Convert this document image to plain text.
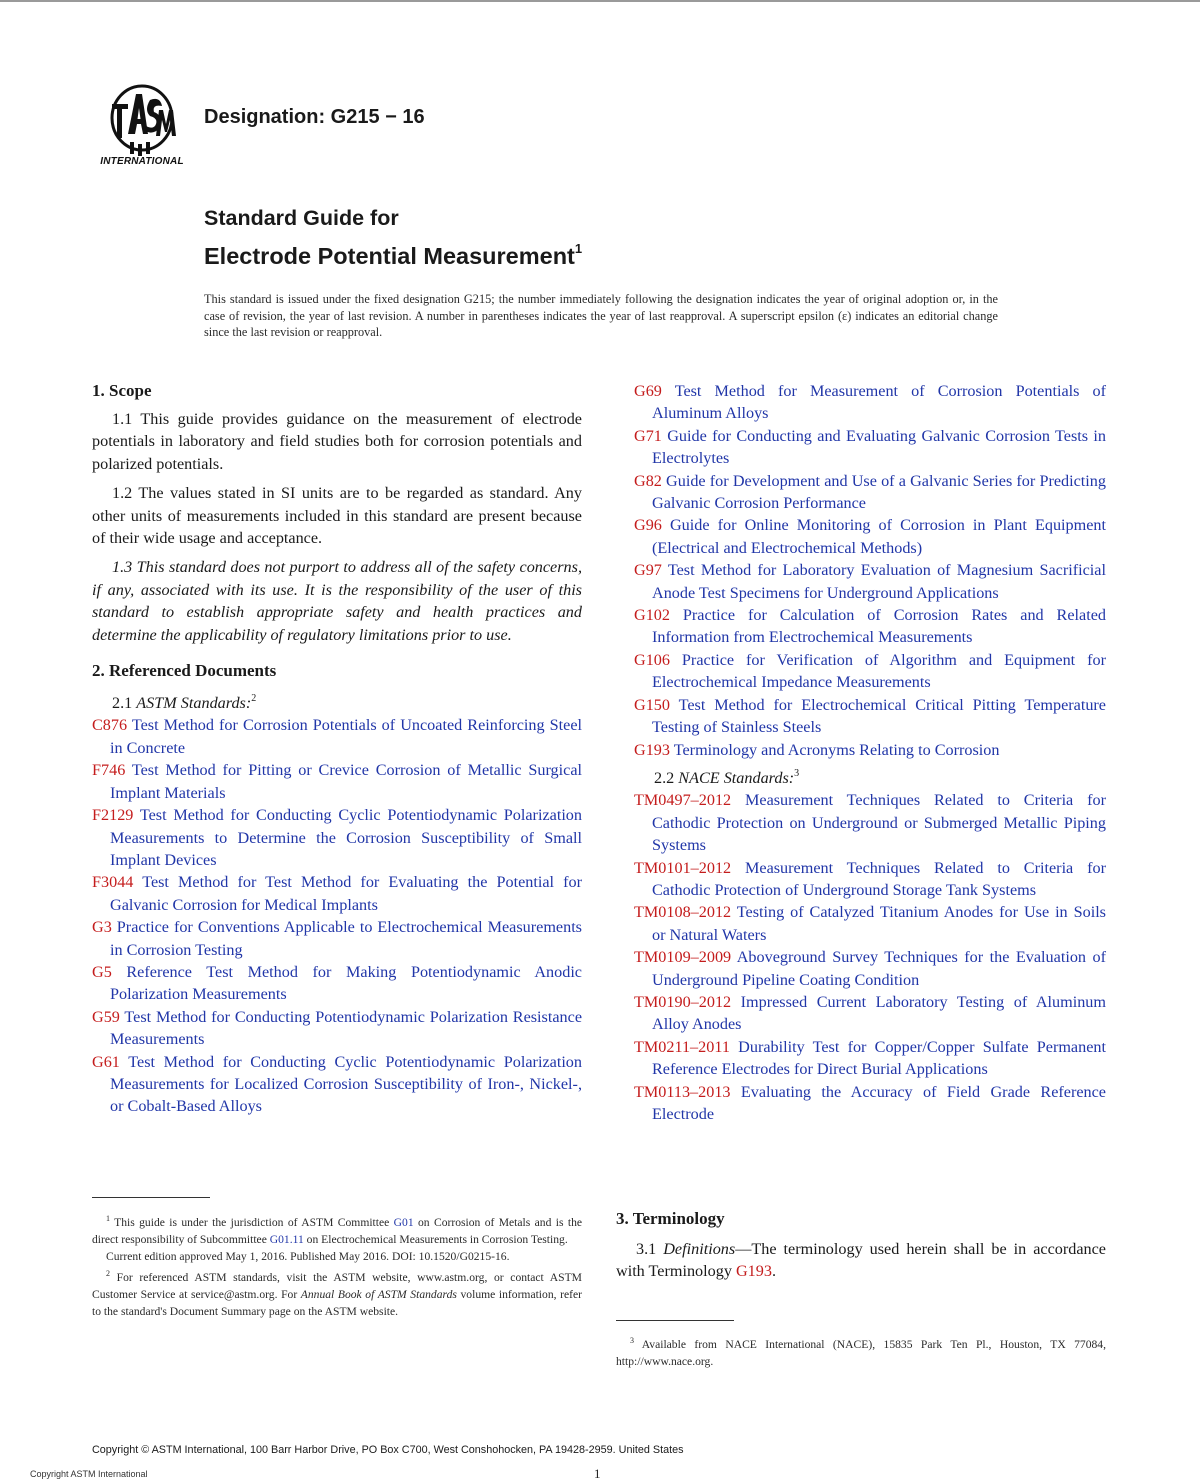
INTERNATIONAL
Designation: G215 − 16
Standard Guide for
Electrode Potential Measurement$^1$
This standard is issued under the fixed designation G215; the number immediately following the designation indicates the year of original adoption or, in the case of revision, the year of last revision. A number in parentheses indicates the year of last reapproval. A superscript epsilon (ε) indicates an editorial change since the last revision or reapproval.
1. Scope

1.1 This guide provides guidance on the measurement of electrode potentials in laboratory and field studies both for corrosion potentials and polarized potentials.

1.2 The values stated in SI units are to be regarded as standard. Any other units of measurements included in this standard are present because of their wide usage and acceptance.

1.3 This standard does not purport to address all of the safety concerns, if any, associated with its use. It is the responsibility of the user of this standard to establish appropriate safety and health practices and determine the applicability of regulatory limitations prior to use.

2. Referenced Documents
2.1 ASTM Standards:$^2$
C876 Test Method for Corrosion Potentials of Uncoated Reinforcing Steel in Concrete
F746 Test Method for Pitting or Crevice Corrosion of Metallic Surgical Implant Materials
F2129 Test Method for Conducting Cyclic Potentiodynamic Polarization Measurements to Determine the Corrosion Susceptibility of Small Implant Devices
F3044 Test Method for Test Method for Evaluating the Potential for Galvanic Corrosion for Medical Implants
G3 Practice for Conventions Applicable to Electrochemical Measurements in Corrosion Testing
G5 Reference Test Method for Making Potentiodynamic Anodic Polarization Measurements
G59 Test Method for Conducting Potentiodynamic Polarization Resistance Measurements
G61 Test Method for Conducting Cyclic Potentiodynamic Polarization Measurements for Localized Corrosion Susceptibility of Iron-, Nickel-, or Cobalt-Based Alloys
G69 Test Method for Measurement of Corrosion Potentials of Aluminum Alloys
G71 Guide for Conducting and Evaluating Galvanic Corrosion Tests in Electrolytes
G82 Guide for Development and Use of a Galvanic Series for Predicting Galvanic Corrosion Performance
G96 Guide for Online Monitoring of Corrosion in Plant Equipment (Electrical and Electrochemical Methods)
G97 Test Method for Laboratory Evaluation of Magnesium Sacrificial Anode Test Specimens for Underground Applications
G102 Practice for Calculation of Corrosion Rates and Related Information from Electrochemical Measurements
G106 Practice for Verification of Algorithm and Equipment for Electrochemical Impedance Measurements
G150 Test Method for Electrochemical Critical Pitting Temperature Testing of Stainless Steels
G193 Terminology and Acronyms Relating to Corrosion
2.2 NACE Standards:$^3$
TM0497–2012 Measurement Techniques Related to Criteria for Cathodic Protection on Underground or Submerged Metallic Piping Systems
TM0101–2012 Measurement Techniques Related to Criteria for Cathodic Protection of Underground Storage Tank Systems
TM0108–2012 Testing of Catalyzed Titanium Anodes for Use in Soils or Natural Waters
TM0109–2009 Aboveground Survey Techniques for the Evaluation of Underground Pipeline Coating Condition
TM0190–2012 Impressed Current Laboratory Testing of Aluminum Alloy Anodes
TM0211–2011 Durability Test for Copper/Copper Sulfate Permanent Reference Electrodes for Direct Burial Applications
TM0113–2013 Evaluating the Accuracy of Field Grade Reference Electrode

$^1$ This guide is under the jurisdiction of ASTM Committee G01 on Corrosion of Metals and is the direct responsibility of Subcommittee G01.11 on Electrochemical Measurements in Corrosion Testing.

Current edition approved May 1, 2016. Published May 2016. DOI: 10.1520/G0215-16.

$^2$ For referenced ASTM standards, visit the ASTM website, www.astm.org, or contact ASTM Customer Service at service@astm.org. For Annual Book of ASTM Standards volume information, refer to the standard's Document Summary page on the ASTM website.

3. Terminology

3.1 Definitions—The terminology used herein shall be in accordance with Terminology G193.

$^3$ Available from NACE International (NACE), 15835 Park Ten Pl., Houston, TX 77084, http://www.nace.org.

Copyright © ASTM International, 100 Barr Harbor Drive, PO Box C700, West Conshohocken, PA 19428-2959. United States
Copyright ASTM International	1
